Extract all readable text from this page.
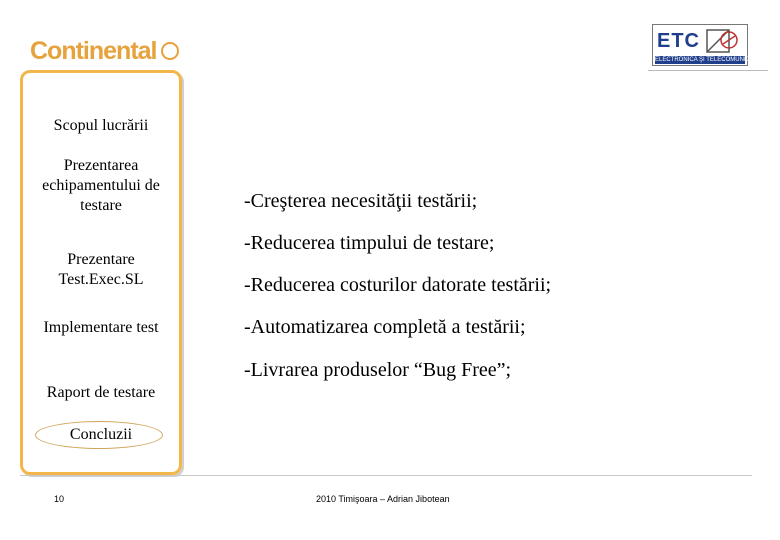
Continental	ETC
ELECTRONICA ŞI TELECOMUNICAŢII
Scopul lucrării
Prezentarea echipamentului de testare
Prezentare Test.Exec.SL
Implementare test
Raport de testare
Concluzii
-Creşterea necesităţii testării;
-Reducerea timpului de testare;
-Reducerea costurilor datorate testării;
-Automatizarea completă a testării;
-Livrarea produselor “Bug Free”;
10	2010 Timişoara – Adrian Jibotean
